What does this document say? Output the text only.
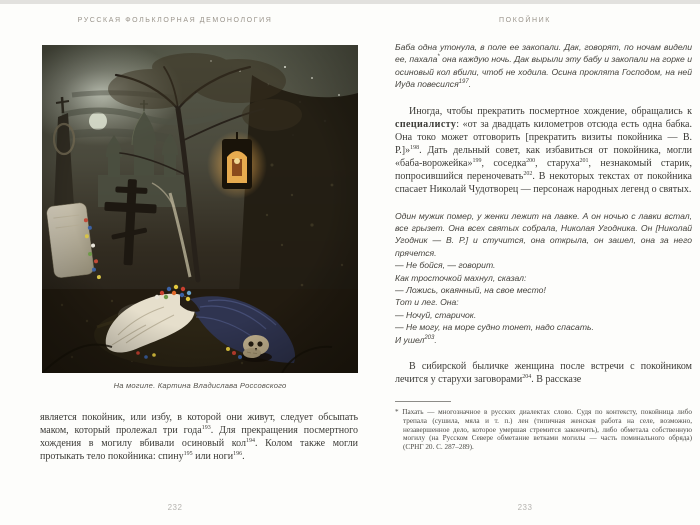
РУССКАЯ ФОЛЬКЛОРНАЯ ДЕМОНОЛОГИЯ
На могиле. Картина Владислава Россовского

является покойник, или избу, в которой они живут, следует обсыпать маком, который пролежал три года$^{193}$. Для прекращения посмертного хождения в могилу вбивали осиновый кол$^{194}$. Колом также могли протыкать тело покойника: спину$^{195}$ или ноги$^{196}$.

232
ПОКОЙНИК
Баба одна утонула, в поле ее закопали. Дак, говорят, по ночам видели ее, пахала* она каждую ночь. Дак вырыли эту бабу и закопали на горке и осиновый кол вбили, чтоб не ходила. Осина проклята Господом, на ней Иуда повесился$^{197}$.

Иногда, чтобы прекратить посмертное хождение, обращались к специалисту: «от за двадцать километров отсюда есть одна бабка. Она токо может отговорить [прекратить визиты покойника — В. Р.]»$^{198}$. Дать дельный совет, как избавиться от покойника, могли «баба-ворожейка»$^{199}$, соседка$^{200}$, старуха$^{201}$, незнакомый старик, попросившийся переночевать$^{202}$. В некоторых текстах от покойника спасает Николай Чудотворец — персонаж народных легенд о святых.

Один мужик помер, у женки лежит на лавке. А он ночью с лавки встал, все грызет. Она всех святых собрала, Николая Угодника. Он [Николай Угодник — В. Р.] и стучится, она открыла, он зашел, она за него прячется.
— Не бойся, — говорит.
Как тросточкой махнул, сказал:
— Ложись, окаянный, на свое место!
Тот и лег. Она:
— Ночуй, старичок.
— Не могу, на море судно тонет, надо спасать.
И ушел$^{203}$.

В сибирской быличке женщина после встречи с покойником лечится у старухи заговорами$^{204}$. В рассказе

* Пахать — многозначное в русских диалектах слово. Судя по контексту, покойница либо трепала (сушила, мяла и т. п.) лен (типичная женская работа на селе, возможно, незавершенное дело, которое умершая стремится закончить), либо обметала собственную могилу (на Русском Севере обметание ветками могилы — часть поминального обряда) (СРНГ 20. С. 287–289).
233
